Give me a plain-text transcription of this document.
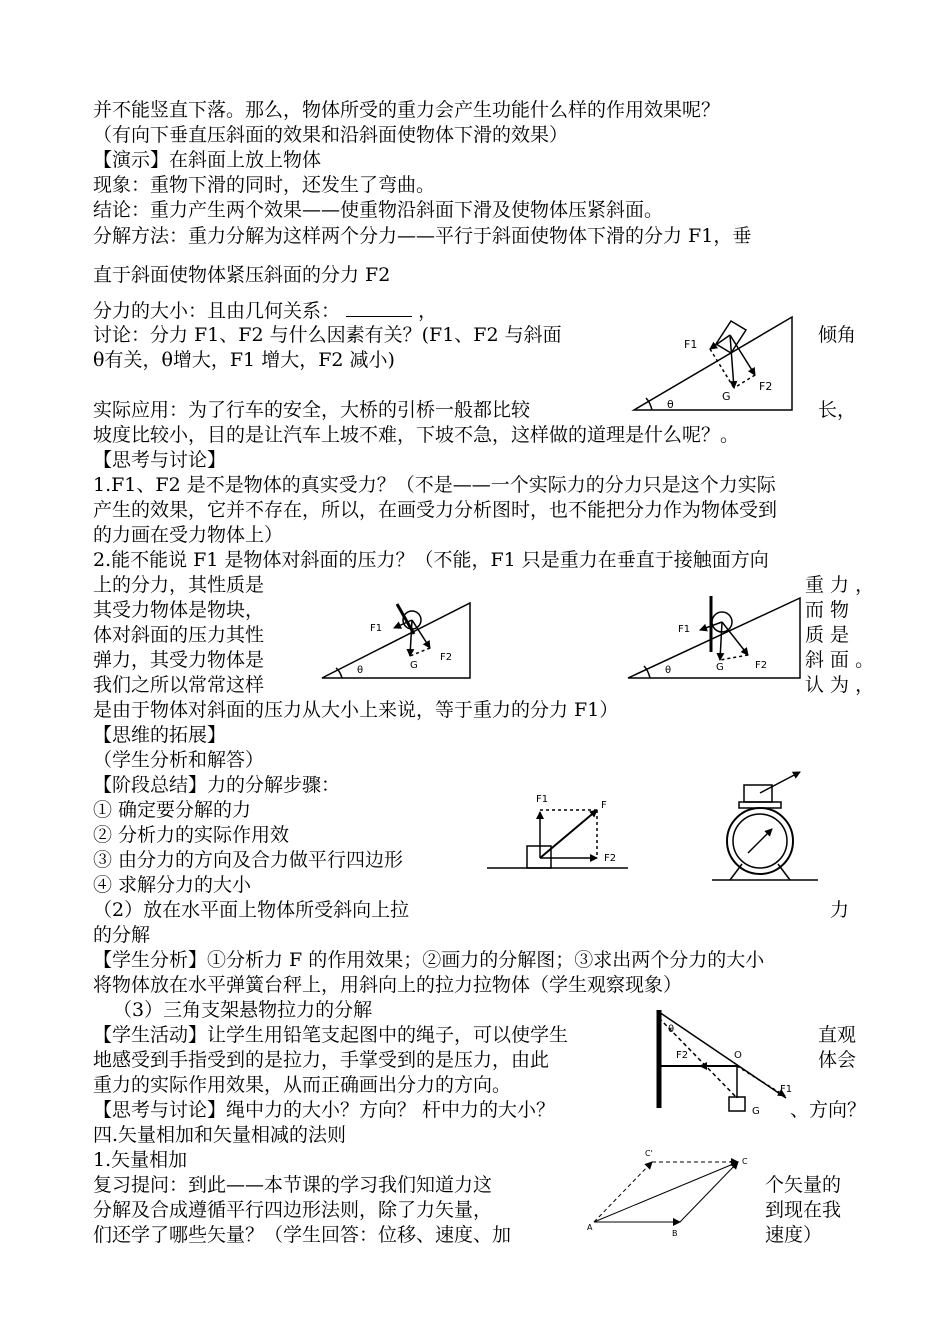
并不能竖直下落。那么，物体所受的重力会产生功能什么样的作用效果呢？
（有向下垂直压斜面的效果和沿斜面使物体下滑的效果）
【演示】在斜面上放上物体
现象：重物下滑的同时，还发生了弯曲。
结论：重力产生两个效果——使重物沿斜面下滑及使物体压紧斜面。
分解方法：重力分解为这样两个分力——平行于斜面使物体下滑的分力 F1，垂
直于斜面使物体紧压斜面的分力 F2
分力的大小：且由几何关系：	，
讨论：分力 F1、F2 与什么因素有关？(F1、F2 与斜面	倾角
θ有关，θ增大，F1 增大，F2 减小)
实际应用：为了行车的安全，大桥的引桥一般都比较	长，
坡度比较小，目的是让汽车上坡不难，下坡不急，这样做的道理是什么呢？。
【思考与讨论】
1.F1、F2 是不是物体的真实受力？（不是——一个实际力的分力只是这个力实际
产生的效果，它并不存在，所以，在画受力分析图时，也不能把分力作为物体受到
的力画在受力物体上）
2.能不能说 F1 是物体对斜面的压力？（不能，F1 只是重力在垂直于接触面方向
上的分力，其性质是	重 力 ，
其受力物体是物块，	而 物
体对斜面的压力其性	质 是
弹力，其受力物体是	斜 面 。
我们之所以常常这样	认 为 ，
是由于物体对斜面的压力从大小上来说，等于重力的分力 F1）
【思维的拓展】
（学生分析和解答）
【阶段总结】力的分解步骤：
① 确定要分解的力
② 分析力的实际作用效
③ 由分力的方向及合力做平行四边形
④ 求解分力的大小
（2）放在水平面上物体所受斜向上拉	力
的分解
【学生分析】①分析力 F 的作用效果；②画力的分解图；③求出两个分力的大小
将物体放在水平弹簧台秤上，用斜向上的拉力拉物体（学生观察现象）
（3）三角支架悬物拉力的分解
【学生活动】让学生用铅笔支起图中的绳子，可以使学生	直观
地感受到手指受到的是拉力，手掌受到的是压力，由此	体会
重力的实际作用效果，从而正确画出分力的方向。
【思考与讨论】绳中力的大小？方向？ 杆中力的大小？	、方向？
四.矢量相加和矢量相减的法则
1.矢量相加
复习提问：到此——本节课的学习我们知道力这	个矢量的
分解及合成遵循平行四边形法则，除了力矢量，	到现在我
们还学了哪些矢量？（学生回答：位移、速度、加	速度）
F1
F2
G
θ
F1
F2
G
θ
F1
F2
G
θ
F1
F
F2
θ
F2	O
F1
G
A
B
C
C'
